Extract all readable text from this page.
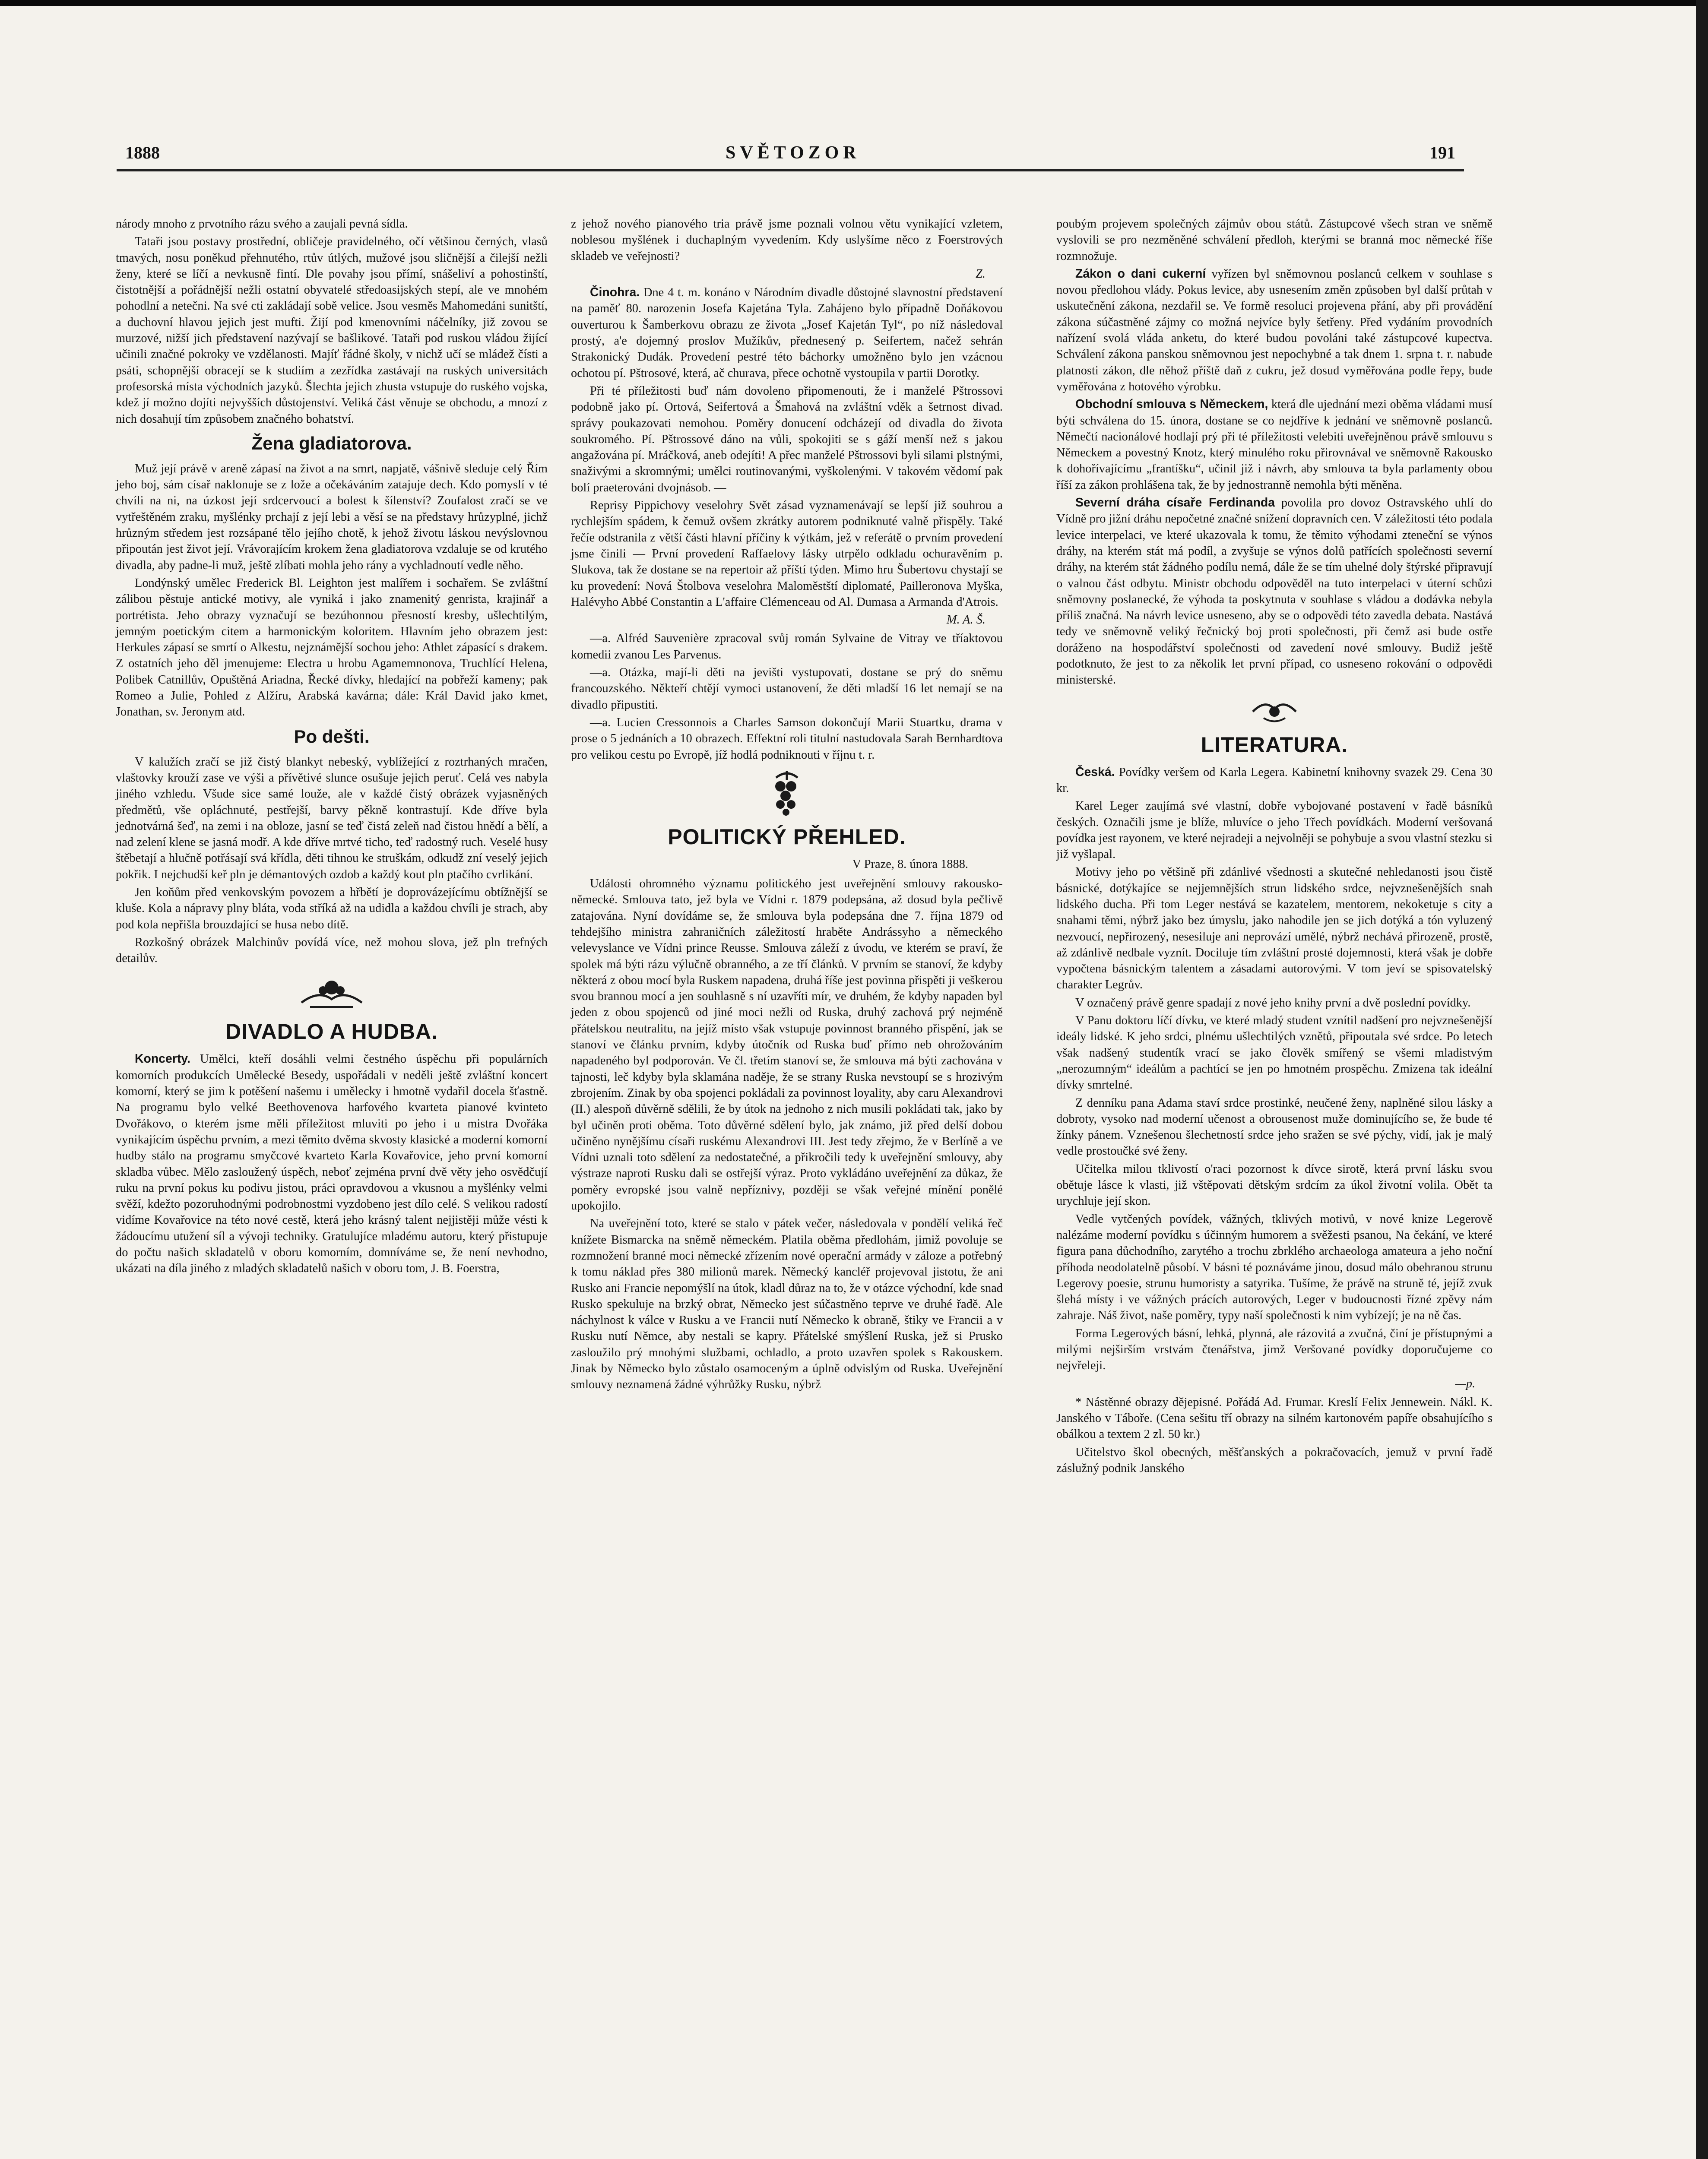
1888	SVĚTOZOR	191

národy mnoho z prvotního rázu svého a zaujali pevná sídla.

Tataři jsou postavy prostřední, obličeje pravidelného, očí většinou černých, vlasů tmavých, nosu poněkud přehnutého, rtův útlých, mužové jsou sličnější a čilejší nežli ženy, které se líčí a nevkusně fintí. Dle povahy jsou přímí, snášeliví a pohostinští, čistotnější a pořádnější nežli ostatní obyvatelé středoasijských stepí, ale ve mnohém pohodlní a netečni. Na své cti zakládají sobě velice. Jsou vesměs Mahomedáni sunitští, a duchovní hlavou jejich jest mufti. Žijí pod kmenovními náčelníky, již zovou se murzové, nižší jich představení nazývají se bašlikové. Tataři pod ruskou vládou žijící učinili značné pokroky ve vzdělanosti. Majíť řádné školy, v nichž učí se mládež čísti a psáti, schopnější obracejí se k studiím a zezřídka zastávají na ruských universitách profesorská místa východních jazyků. Šlechta jejich zhusta vstupuje do ruského vojska, kdež jí možno dojíti nejvyšších důstojenství. Veliká část věnuje se obchodu, a mnozí z nich dosahují tím způsobem značného bohatství.

Žena gladiatorova.

Muž její právě v areně zápasí na život a na smrt, napjatě, vášnivě sleduje celý Řím jeho boj, sám císař naklonuje se z lože a očekáváním zatajuje dech. Kdo pomyslí v té chvíli na ni, na úzkost její srdcervoucí a bolest k šílenství? Zoufalost zračí se ve vytřeštěném zraku, myšlénky prchají z její lebi a věsí se na představy hrůzyplné, jichž hrůzným středem jest rozsápané tělo jejího chotě, k jehož životu láskou nevýslovnou připoután jest život její. Vrávorajícím krokem žena gladiatorova vzdaluje se od krutého divadla, aby padne-li muž, ještě zlíbati mohla jeho rány a vychladnoutí vedle něho.

Londýnský umělec Frederick Bl. Leighton jest malířem i sochařem. Se zvláštní zálibou pěstuje antické motivy, ale vyniká i jako znamenitý genristа, krajinář a portrétista. Jeho obrazy vyznačují se bezúhonnou přesností kresby, ušlechtilým, jemným poetickým citem a harmonickým koloritem. Hlavním jeho obrazem jest: Herkules zápasí se smrtí o Alkestu, nejznámější sochou jeho: Athlet zápasící s drakem. Z ostatních jeho děl jmenujeme: Electra u hrobu Agamemnonova, Truchlící Helena, Polibek Catnillův, Opuštěná Ariadna, Řecké dívky, hledající na pobřeží kameny; pak Romeo a Julie, Pohled z Alžíru, Arabská kavárna; dále: Král David jako kmet, Jonathan, sv. Jeronym atd.

Po dešti.

V kalužích zračí se již čistý blankyt nebeský, vyblížející z roztrhaných mračen, vlaštovky krouží zase ve výši a přívětivé slunce osušuje jejich peruť. Celá ves nabyla jiného vzhledu. Všude sice samé louže, ale v každé čistý obrázek vyjasněných předmětů, vše opláchnuté, pestřejší, barvy pěkně kontrastují. Kde dříve byla jednotvárná šeď, na zemi i na obloze, jasní se teď čistá zeleň nad čistou hnědí a bělí, a nad zelení klene se jasná modř. A kde dříve mrtvé ticho, teď radostný ruch. Veselé husy štěbetají a hlučně potřásají svá křídla, děti tihnou ke struškám, odkudž zní veselý jejich pokřik. I nejchudší keř pln je démantových ozdob a každý kout pln ptačího cvrlikání.

Jen koňům před venkovským povozem a hřbětí je doprovázejícímu obtížnější se kluše. Kola a nápravy plny bláta, voda stříká až na udidla a každou chvíli je strach, aby pod kola nepřišla brouzdající se husa nebo dítě.

Rozkošný obrázek Malchinův povídá více, než mohou slova, jež pln trefných detailův.

DIVADLO A HUDBA.

Koncerty. Umělci, kteří dosáhli velmi čestného úspěchu při populárních komorních produkcích Umělecké Besedy, uspořádali v neděli ještě zvláštní koncert komorní, který se jim k potěšení našemu i umělecky i hmotně vydařil docela šťastně. Na programu bylo velké Beethovenova harfového kvarteta pianové kvinteto Dvořákovo, o kterém jsme měli příležitost mluviti po jeho i u mistra Dvořáka vynikajícím úspěchu prvním, a mezi těmito dvěma skvosty klasické a moderní komorní hudby stálo na programu smyčcové kvarteto Karla Kovařovice, jeho první komorní skladba vůbec. Mělo zasloužený úspěch, neboť zejména první dvě věty jeho osvědčují ruku na první pokus ku podivu jistou, práci opravdovou a vkusnou a myšlénky velmi svěží, kdežto pozoruhodnými podrobnostmi vyzdobeno jest dílo celé. S velikou radostí vidíme Kovařovice na této nové cestě, která jeho krásný talent nejjistěji může vésti k žádoucímu utužení síl a vývoji techniky. Gratulujíce mladému autoru, který přistupuje do počtu našich skladatelů v oboru komorním, domníváme se, že není nevhodno, ukázati na díla jiného z mladých skladatelů našich v oboru tom, J. B. Foerstra,

z jehož nového pianového tria právě jsme poznali volnou větu vynikající vzletem, noblesou myšlének i duchaplným vyvedením. Kdy uslyšíme něco z Foerstrových skladeb ve veřejnosti?

Z.

Činohra. Dne 4 t. m. konáno v Národním divadle důstojné slavnostní představení na paměť 80. narozenin Josefa Kajetána Tyla. Zahájeno bylo případně Doňákovou ouverturou k Šamberkovu obrazu ze života „Josef Kajetán Tyl“, po níž následoval prostý, a'e dojemný proslov Mužíkův, přednesený p. Seifertem, načež sehrán Strakonický Dudák. Provedení pestré této báchorky umožněno bylo jen vzácnou ochotou pí. Pštrosové, která, ač churava, přece ochotně vystoupila v partii Dorotky.

Při té příležitosti buď nám dovoleno připomenouti, že i manželé Pštrossovi podobně jako pí. Ortová, Seifertová a Šmahová na zvláštní vděk a šetrnost divad. správy poukazovati nemohou. Poměry donucení odcházejí od divadla do života soukromého. Pí. Pštrossové dáno na vůli, spokojiti se s gáží menší než s jakou angažována pí. Mráčková, aneb odejíti! A přec manželé Pštrossovi byli silami plstnými, snaživými a skromnými; umělci routinovanými, vyškolenými. V takovém vědomí pak bolí praeterováni dvojnásob. —

Reprisy Pippichovy veselohry Svět zásad vyznamenávají se lepší již souhrou a rychlejším spádem, k čemuž ovšem zkrátky autorem podniknuté valně přispěly. Také řečíe odstranila z větší části hlavní příčiny k výtkám, jež v referátě o prvním provedení jsme činili — První provedení Raffaelovy lásky utrpělo odkladu ochuravěním p. Slukova, tak že dostane se na repertoir až příští týden. Mimo hru Šubertovu chystají se ku provedení: Nová Štolbova veselohra Maloměstští diplomaté, Pailleronova Myška, Halévyho Abbé Constantin a L'affaire Clémenceau od Al. Dumasa a Armanda d'Atrois.

M. A. Š.

—a. Alfréd Sauvenière zpracoval svůj román Sylvaine de Vitray ve tříaktovou komedii zvanou Les Parvenus.

—a. Otázka, mají-li děti na jevišti vystupovati, dostane se prý do sněmu francouzského. Někteří chtějí vymoci ustanovení, že děti mladší 16 let nemají se na divadlo připustiti.

—a. Lucien Cressonnois a Charles Samson dokončují Marii Stuartku, drama v prose o 5 jednáních a 10 obrazech. Effektní roli titulní nastudovala Sarah Bernhardtova pro velikou cestu po Evropě, jíž hodlá podniknouti v říjnu t. r.

POLITICKÝ PŘEHLED.
V Praze, 8. února 1888.

Události ohromného významu politického jest uveřejnění smlouvy rakousko-německé. Smlouva tato, jež byla ve Vídni r. 1879 podepsána, až dosud byla pečlivě zatajována. Nyní dovídáme se, že smlouva byla podepsána dne 7. října 1879 od tehdejšího ministra zahraničních záležitostí hraběte Andrássyho a německého velevyslance ve Vídni prince Reusse. Smlouva záleží z úvodu, ve kterém se praví, že spolek má býti rázu výlučně obranného, a ze tří článků. V prvním se stanoví, že kdyby některá z obou mocí byla Ruskem napadena, druhá říše jest povinna přispěti ji veškerou svou brannou mocí a jen souhlasně s ní uzavříti mír, ve druhém, že kdyby napaden byl jeden z obou spojenců od jiné moci nežli od Ruska, druhý zachová prý nejméně přátelskou neutralitu, na jejíž místo však vstupuje povinnost branného přispění, jak se stanoví ve článku prvním, kdyby útočník od Ruska buď přímo neb ohrožováním napadeného byl podporován. Ve čl. třetím stanoví se, že smlouva má býti zachována v tajnosti, leč kdyby byla sklamána naděje, že se strany Ruska nevstoupí se s hrozivým zbrojením. Zinak by oba spojenci pokládali za povinnost loyality, aby caru Alexandrovi (II.) alespoň důvěrně sdělili, že by útok na jednoho z nich musili pokládati tak, jako by byl učiněn proti oběma. Toto důvěrné sdělení bylo, jak známo, již před delší dobou učiněno nynějšímu císaři ruskému Alexandrovi III. Jest tedy zřejmo, že v Berlíně a ve Vídni uznali toto sdělení za nedostatečné, a přikročili tedy k uveřejnění smlouvy, aby výstraze naproti Rusku dali se ostřejší výraz. Proto vykládáno uveřejnění za důkaz, že poměry evropské jsou valně nepříznivy, později se však veřejné mínění ponělé upokojilo.

Na uveřejnění toto, které se stalo v pátek večer, následovala v pondělí veliká řeč knížete Bismarcka na sněmě německém. Platila oběma předlohám, jimiž povoluje se rozmnožení branné moci německé zřízením nové operační armády v záloze a potřebný k tomu náklad přes 380 milionů marek. Německý kancléř projevoval jistotu, že ani Rusko ani Francie nepomýšlí na útok, kladl důraz na to, že v otázce východní, kde snad Rusko spekuluje na brzký obrat, Německo jest súčastněno teprve ve druhé řadě. Ale náchylnost k válce v Rusku a ve Francii nutí Německo k obraně, štiky ve Francii a v Rusku nutí Němce, aby nestali se kapry. Přátelské smýšlení Ruska, jež si Prusko zasloužilo prý mnohými službami, ochladlo, a proto uzavřen spolek s Rakouskem. Jinak by Německo bylo zůstalo osamoceným a úplně odvislým od Ruska. Uveřejnění smlouvy neznamená žádné výhrůžky Rusku, nýbrž

poubým projevem společných zájmův obou států. Zástupcové všech stran ve sněmě vyslovili se pro nezměněné schválení předloh, kterými se branná moc německé říše rozmnožuje.

Zákon o dani cukerní vyřízen byl sněmovnou poslanců celkem v souhlase s novou předlohou vlády. Pokus levice, aby usnesením změn způsoben byl další průtah v uskutečnění zákona, nezdařil se. Ve formě resoluci projevena přání, aby při provádění zákona súčastněné zájmy co možná nejvíce byly šetřeny. Před vydáním provodních nařízení svolá vláda anketu, do které budou povoláni také zástupcové kupectva. Schválení zákona panskou sněmovnou jest nepochybné a tak dnem 1. srpna t. r. nabude platnosti zákon, dle něhož příště daň z cukru, jež dosud vyměřována podle řepy, bude vyměřována z hotového výrobku.

Obchodní smlouva s Německem, která dle ujednání mezi oběma vládami musí býti schválena do 15. února, dostane se co nejdříve k jednání ve sněmovně poslanců. Němečtí nacionálové hodlají prý při té příležitosti velebiti uveřejněnou právě smlouvu s Německem a povestný Knotz, který minulého roku přirovnával ve sněmovně Rakousko k dohořívajícímu „frantíšku“, učinil již i návrh, aby smlouva ta byla parlamenty obou říší za zákon prohlášena tak, že by jednostranně nemohla býti měněna.

Severní dráha císaře Ferdinanda povolila pro dovoz Ostravského uhlí do Vídně pro jižní dráhu nepočetné značné snížení dopravních cen. V záležitosti této podala levice interpelaci, ve které ukazovala k tomu, že těmito výhodami zteneční se výnos dráhy, na kterém stát má podíl, a zvyšuje se výnos dolů patřících společnosti severní dráhy, na kterém stát žádného podílu nemá, dále že se tím uhelné doly štýrské připravují o valnou část odbytu. Ministr obchodu odpověděl na tuto interpelaci v úterní schůzi sněmovny poslanecké, že výhoda ta poskytnuta v souhlase s vládou a dodávka nebyla příliš značná. Na návrh levice usneseno, aby se o odpovědi této zavedla debata. Nastává tedy ve sněmovně veliký řečnický boj proti společnosti, při čemž asi bude ostře doráženo na hospodářství společnosti od zavedení nové smlouvy. Budiž ještě podotknuto, že jest to za několik let první případ, co usneseno rokování o odpovědi ministerské.

LITERATURA.

Česká. Povídky veršem od Karla Legera. Kabinetní knihovny svazek 29. Cena 30 kr.

Karel Leger zaujímá své vlastní, dobře vybojované postavení v řadě básníků českých. Označili jsme je blíže, mluvíce o jeho Třech povídkách. Moderní veršovaná povídka jest rayonem, ve které nejradeji a nejvolněji se pohybuje a svou vlastní stezku si již vyšlapal.

Motivy jeho po většině při zdánlivé všednosti a skutečné nehledanosti jsou čistě básnické, dotýkajíce se nejjemnějších strun lidského srdce, nejvznešenějších snah lidského ducha. Při tom Leger nestává se kazatelem, mentorem, nekoketuje s city a snahami těmi, nýbrž jako bez úmyslu, jako nahodile jen se jich dotýká a tón vyluzený nezvoucí, nepřirozený, nesesiluje ani neprovází umělé, nýbrž nechává přirozeně, prostě, až zdánlivě nedbale vyznít. Dociluje tím zvláštní prosté dojemnosti, která však je dobře vypočtena básnickým talentem a zásadami autorovými. V tom jeví se spisovatelský charakter Legrův.

V označený právě genre spadají z nové jeho knihy první a dvě poslední povídky.

V Panu doktoru líčí dívku, ve které mladý student vznítil nadšení pro nejvznešenější ideály lidské. K jeho srdci, plnému ušlechtilých vznětů, připoutala své srdce. Po letech však nadšený studentík vrací se jako člověk smířený se všemi mladistvým „nerozumným“ ideálům a pachtící se jen po hmotném prospěchu. Zmizena tak ideální dívky smrtelné.

Z denníku pana Adama staví srdce prostinké, neučené ženy, naplněné silou lásky a dobroty, vysoko nad moderní učenost a obrousenost muže dominujícího se, že bude té žínky pánem. Vznešenou šlechetností srdce jeho sražen se své pýchy, vidí, jak je malý vedle prostoučké své ženy.

Učitelka milou tklivostí o'raci pozornost k dívce sirotě, která první lásku svou obětuje lásce k vlasti, již vštěpovati dětským srdcím za úkol životní volila. Obět ta urychluje její skon.

Vedle vytčených povídek, vážných, tklivých motivů, v nové knize Legerově nalézáme moderní povídku s účinným humorem a svěžesti psanou, Na čekání, ve které figura pana důchodního, zarytého a trochu zbrklého archaeologa amateura a jeho noční příhoda neodolatelně působí. V básni té poznáváme jinou, dosud málo obehranou strunu Legerovy poesie, strunu humoristy a satyrika. Tušíme, že právě na struně té, jejíž zvuk šlehá místy i ve vážných prácích autorových, Leger v budoucnosti řízné zpěvy nám zahraje. Náš život, naše poměry, typy naší společnosti k nim vybízejí; je na ně čas.

Forma Legerových básní, lehká, plynná, ale rázovitá a zvučná, činí je přístupnými a milými nejširším vrstvám čtenářstva, jimž Veršované povídky doporučujeme co nejvřeleji.

—p.

* Nástěnné obrazy dějepisné. Pořádá Ad. Frumar. Kreslí Felix Jennewein. Nákl. K. Janského v Táboře. (Cena sešitu tří obrazy na silném kartonovém papíře obsahujícího s obálkou a textem 2 zl. 50 kr.)

Učitelstvo škol obecných, měšťanských a pokračovacích, jemuž v první řadě záslužný podnik Janského
